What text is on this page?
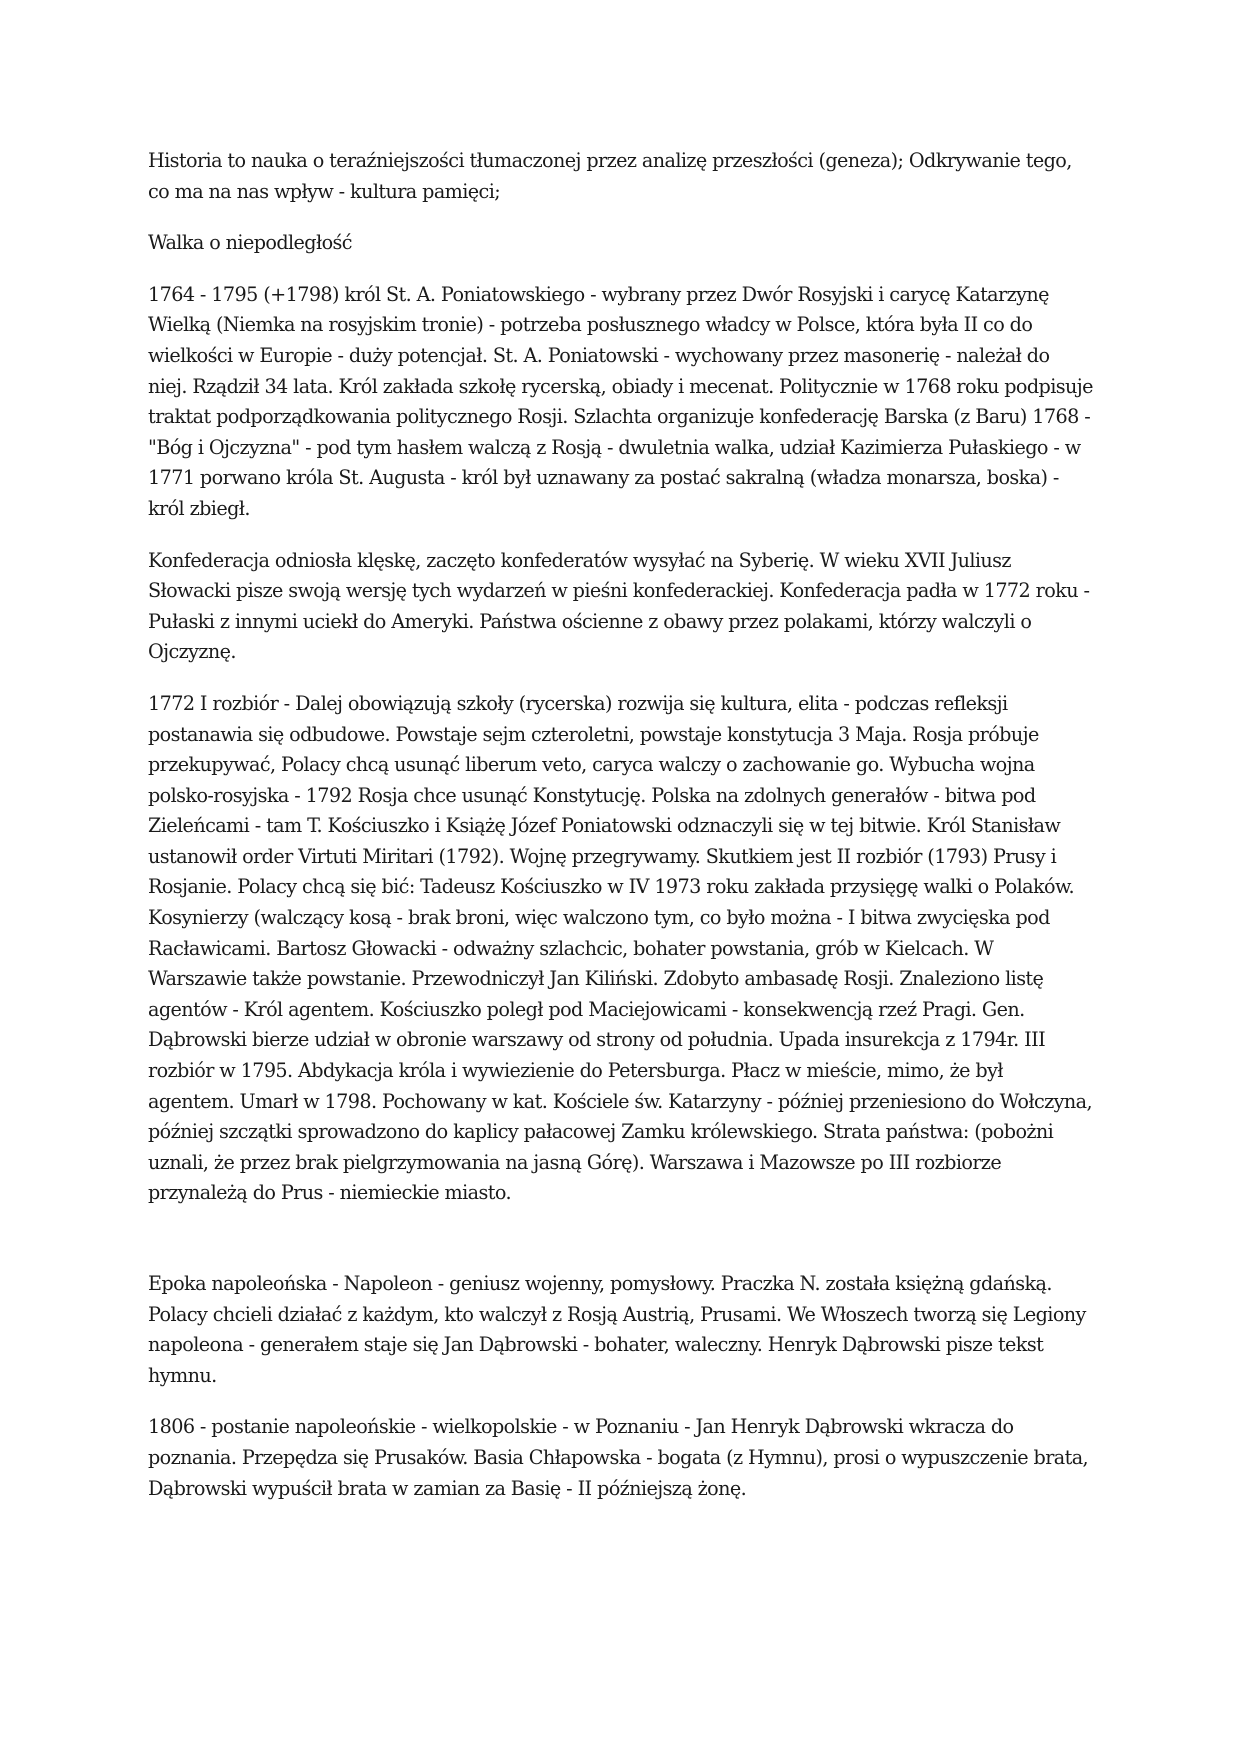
Historia to nauka o teraźniejszości tłumaczonej przez analizę przeszłości (geneza); Odkrywanie tego, co ma na nas wpływ - kultura pamięci;

Walka o niepodległość

1764 - 1795 (+1798) król St. A. Poniatowskiego - wybrany przez Dwór Rosyjski i carycę Katarzynę Wielką (Niemka na rosyjskim tronie) - potrzeba posłusznego władcy w Polsce, która była II co do wielkości w Europie - duży potencjał. St. A. Poniatowski - wychowany przez masonerię - należał do niej. Rządził 34 lata. Król zakłada szkołę rycerską, obiady i mecenat. Politycznie w 1768 roku podpisuje traktat podporządkowania politycznego Rosji. Szlachta organizuje konfederację Barska (z Baru) 1768 - "Bóg i Ojczyzna" - pod tym hasłem walczą z Rosją - dwuletnia walka, udział Kazimierza Pułaskiego - w 1771 porwano króla St. Augusta - król był uznawany za postać sakralną (władza monarsza, boska) - król zbiegł.

Konfederacja odniosła klęskę, zaczęto konfederatów wysyłać na Syberię. W wieku XVII Juliusz Słowacki pisze swoją wersję tych wydarzeń w pieśni konfederackiej. Konfederacja padła w 1772 roku - Pułaski z innymi uciekł do Ameryki. Państwa ościenne z obawy przez polakami, którzy walczyli o Ojczyznę.

1772 I rozbiór - Dalej obowiązują szkoły (rycerska) rozwija się kultura, elita - podczas refleksji postanawia się odbudowe. Powstaje sejm czteroletni, powstaje konstytucja 3 Maja. Rosja próbuje przekupywać, Polacy chcą usunąć liberum veto, caryca walczy o zachowanie go. Wybucha wojna polsko-rosyjska - 1792 Rosja chce usunąć Konstytucję. Polska na zdolnych generałów - bitwa pod Zieleńcami - tam T. Kościuszko i Książę Józef Poniatowski odznaczyli się w tej bitwie. Król Stanisław ustanowił order Virtuti Miritari (1792). Wojnę przegrywamy. Skutkiem jest II rozbiór (1793) Prusy i Rosjanie. Polacy chcą się bić: Tadeusz Kościuszko w IV 1973 roku zakłada przysięgę walki o Polaków. Kosynierzy (walczący kosą - brak broni, więc walczono tym, co było można - I bitwa zwycięska pod Racławicami. Bartosz Głowacki - odważny szlachcic, bohater powstania, grób w Kielcach. W Warszawie także powstanie. Przewodniczył Jan Kiliński. Zdobyto ambasadę Rosji. Znaleziono listę agentów - Król agentem. Kościuszko poległ pod Maciejowicami - konsekwencją rzeź Pragi. Gen. Dąbrowski bierze udział w obronie warszawy od strony od południa. Upada insurekcja z 1794r. III rozbiór w 1795. Abdykacja króla i wywiezienie do Petersburga. Płacz w mieście, mimo, że był agentem. Umarł w 1798. Pochowany w kat. Kościele św. Katarzyny - później przeniesiono do Wołczyna, później szczątki sprowadzono do kaplicy pałacowej Zamku królewskiego. Strata państwa: (pobożni uznali, że przez brak pielgrzymowania na jasną Górę). Warszawa i Mazowsze po III rozbiorze przynależą do Prus - niemieckie miasto.

Epoka napoleońska - Napoleon - geniusz wojenny, pomysłowy. Praczka N. została księżną gdańską. Polacy chcieli działać z każdym, kto walczył z Rosją Austrią, Prusami. We Włoszech tworzą się Legiony napoleona - generałem staje się Jan Dąbrowski - bohater, waleczny. Henryk Dąbrowski pisze tekst hymnu.

1806 - postanie napoleońskie - wielkopolskie - w Poznaniu - Jan Henryk Dąbrowski wkracza do poznania. Przepędza się Prusaków. Basia Chłapowska - bogata (z Hymnu), prosi o wypuszczenie brata, Dąbrowski wypuścił brata w zamian za Basię - II późniejszą żonę.
